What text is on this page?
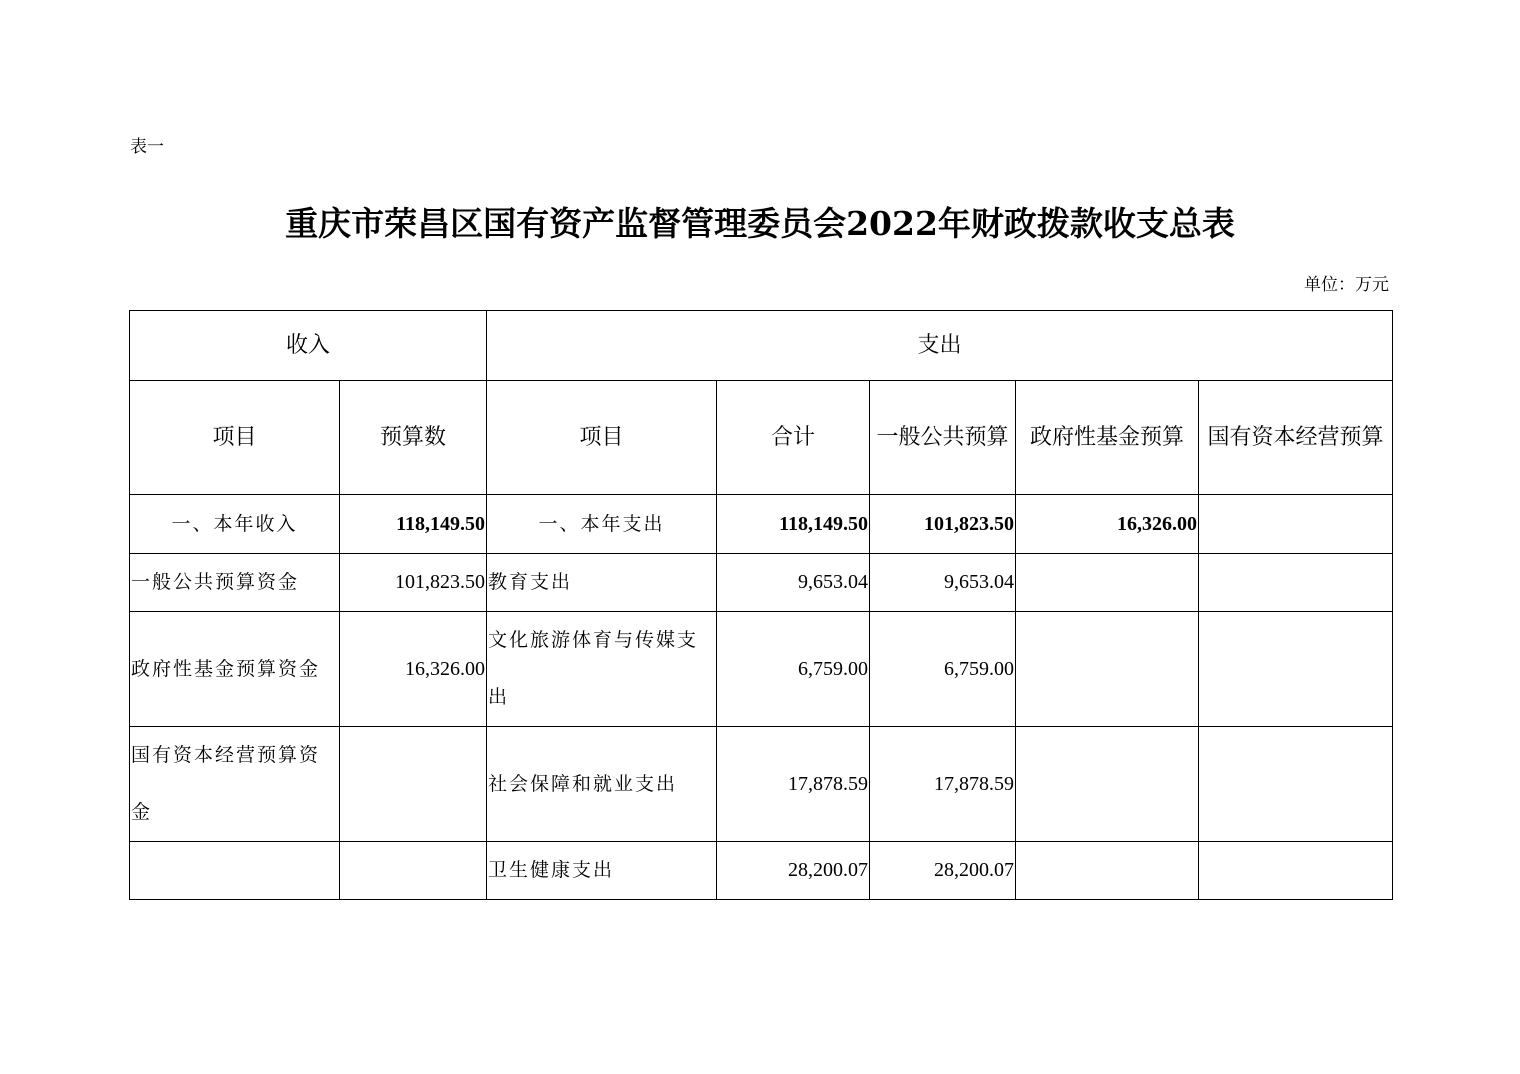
表一
重庆市荣昌区国有资产监督管理委员会2022年财政拨款收支总表
单位：万元
收入		支出				
项目	预算数	项目	合计	一般公共预算	政府性基金预算	国有资本经营预算
一、本年收入	118,149.50	一、本年支出	118,149.50	101,823.50	16,326.00	
一般公共预算资金	101,823.50	教育支出	9,653.04	9,653.04		
政府性基金预算资金	16,326.00	文化旅游体育与传媒支出	6,759.00	6,759.00		
国有资本经营预算资金		社会保障和就业支出	17,878.59	17,878.59		
		卫生健康支出	28,200.07	28,200.07		
